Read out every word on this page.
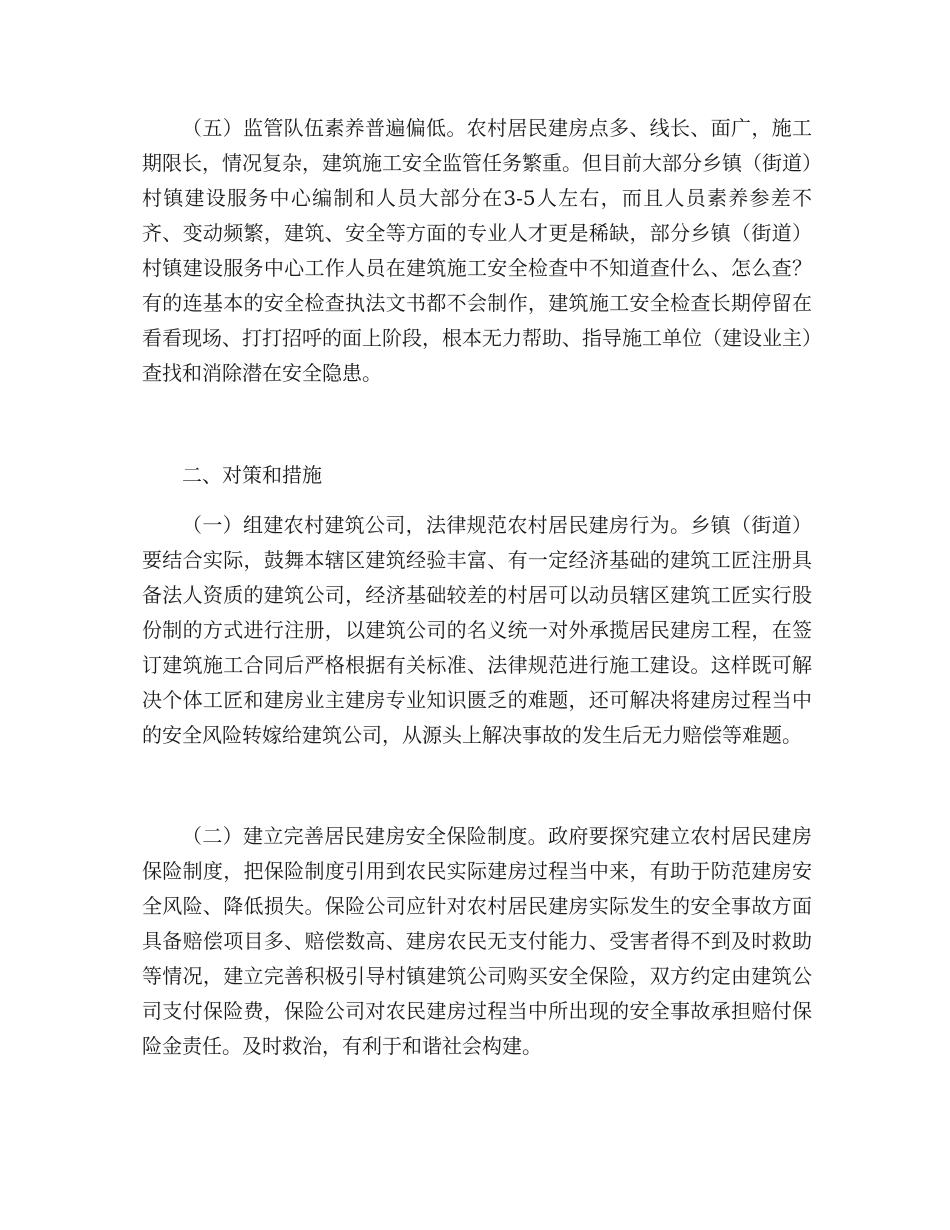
（五）监管队伍素养普遍偏低。农村居民建房点多、线长、面广，施工期限长，情况复杂，建筑施工安全监管任务繁重。但目前大部分乡镇（街道）村镇建设服务中心编制和人员大部分在3-5人左右，而且人员素养参差不齐、变动频繁，建筑、安全等方面的专业人才更是稀缺，部分乡镇（街道）村镇建设服务中心工作人员在建筑施工安全检查中不知道查什么、怎么查？有的连基本的安全检查执法文书都不会制作，建筑施工安全检查长期停留在看看现场、打打招呼的面上阶段，根本无力帮助、指导施工单位（建设业主）查找和消除潜在安全隐患。

二、对策和措施

（一）组建农村建筑公司，法律规范农村居民建房行为。乡镇（街道）要结合实际，鼓舞本辖区建筑经验丰富、有一定经济基础的建筑工匠注册具备法人资质的建筑公司，经济基础较差的村居可以动员辖区建筑工匠实行股份制的方式进行注册，以建筑公司的名义统一对外承揽居民建房工程，在签订建筑施工合同后严格根据有关标准、法律规范进行施工建设。这样既可解决个体工匠和建房业主建房专业知识匮乏的难题，还可解决将建房过程当中的安全风险转嫁给建筑公司，从源头上解决事故的发生后无力赔偿等难题。

（二）建立完善居民建房安全保险制度。政府要探究建立农村居民建房保险制度，把保险制度引用到农民实际建房过程当中来，有助于防范建房安全风险、降低损失。保险公司应针对农村居民建房实际发生的安全事故方面具备赔偿项目多、赔偿数高、建房农民无支付能力、受害者得不到及时救助等情况，建立完善积极引导村镇建筑公司购买安全保险，双方约定由建筑公司支付保险费，保险公司对农民建房过程当中所出现的安全事故承担赔付保险金责任。及时救治，有利于和谐社会构建。
